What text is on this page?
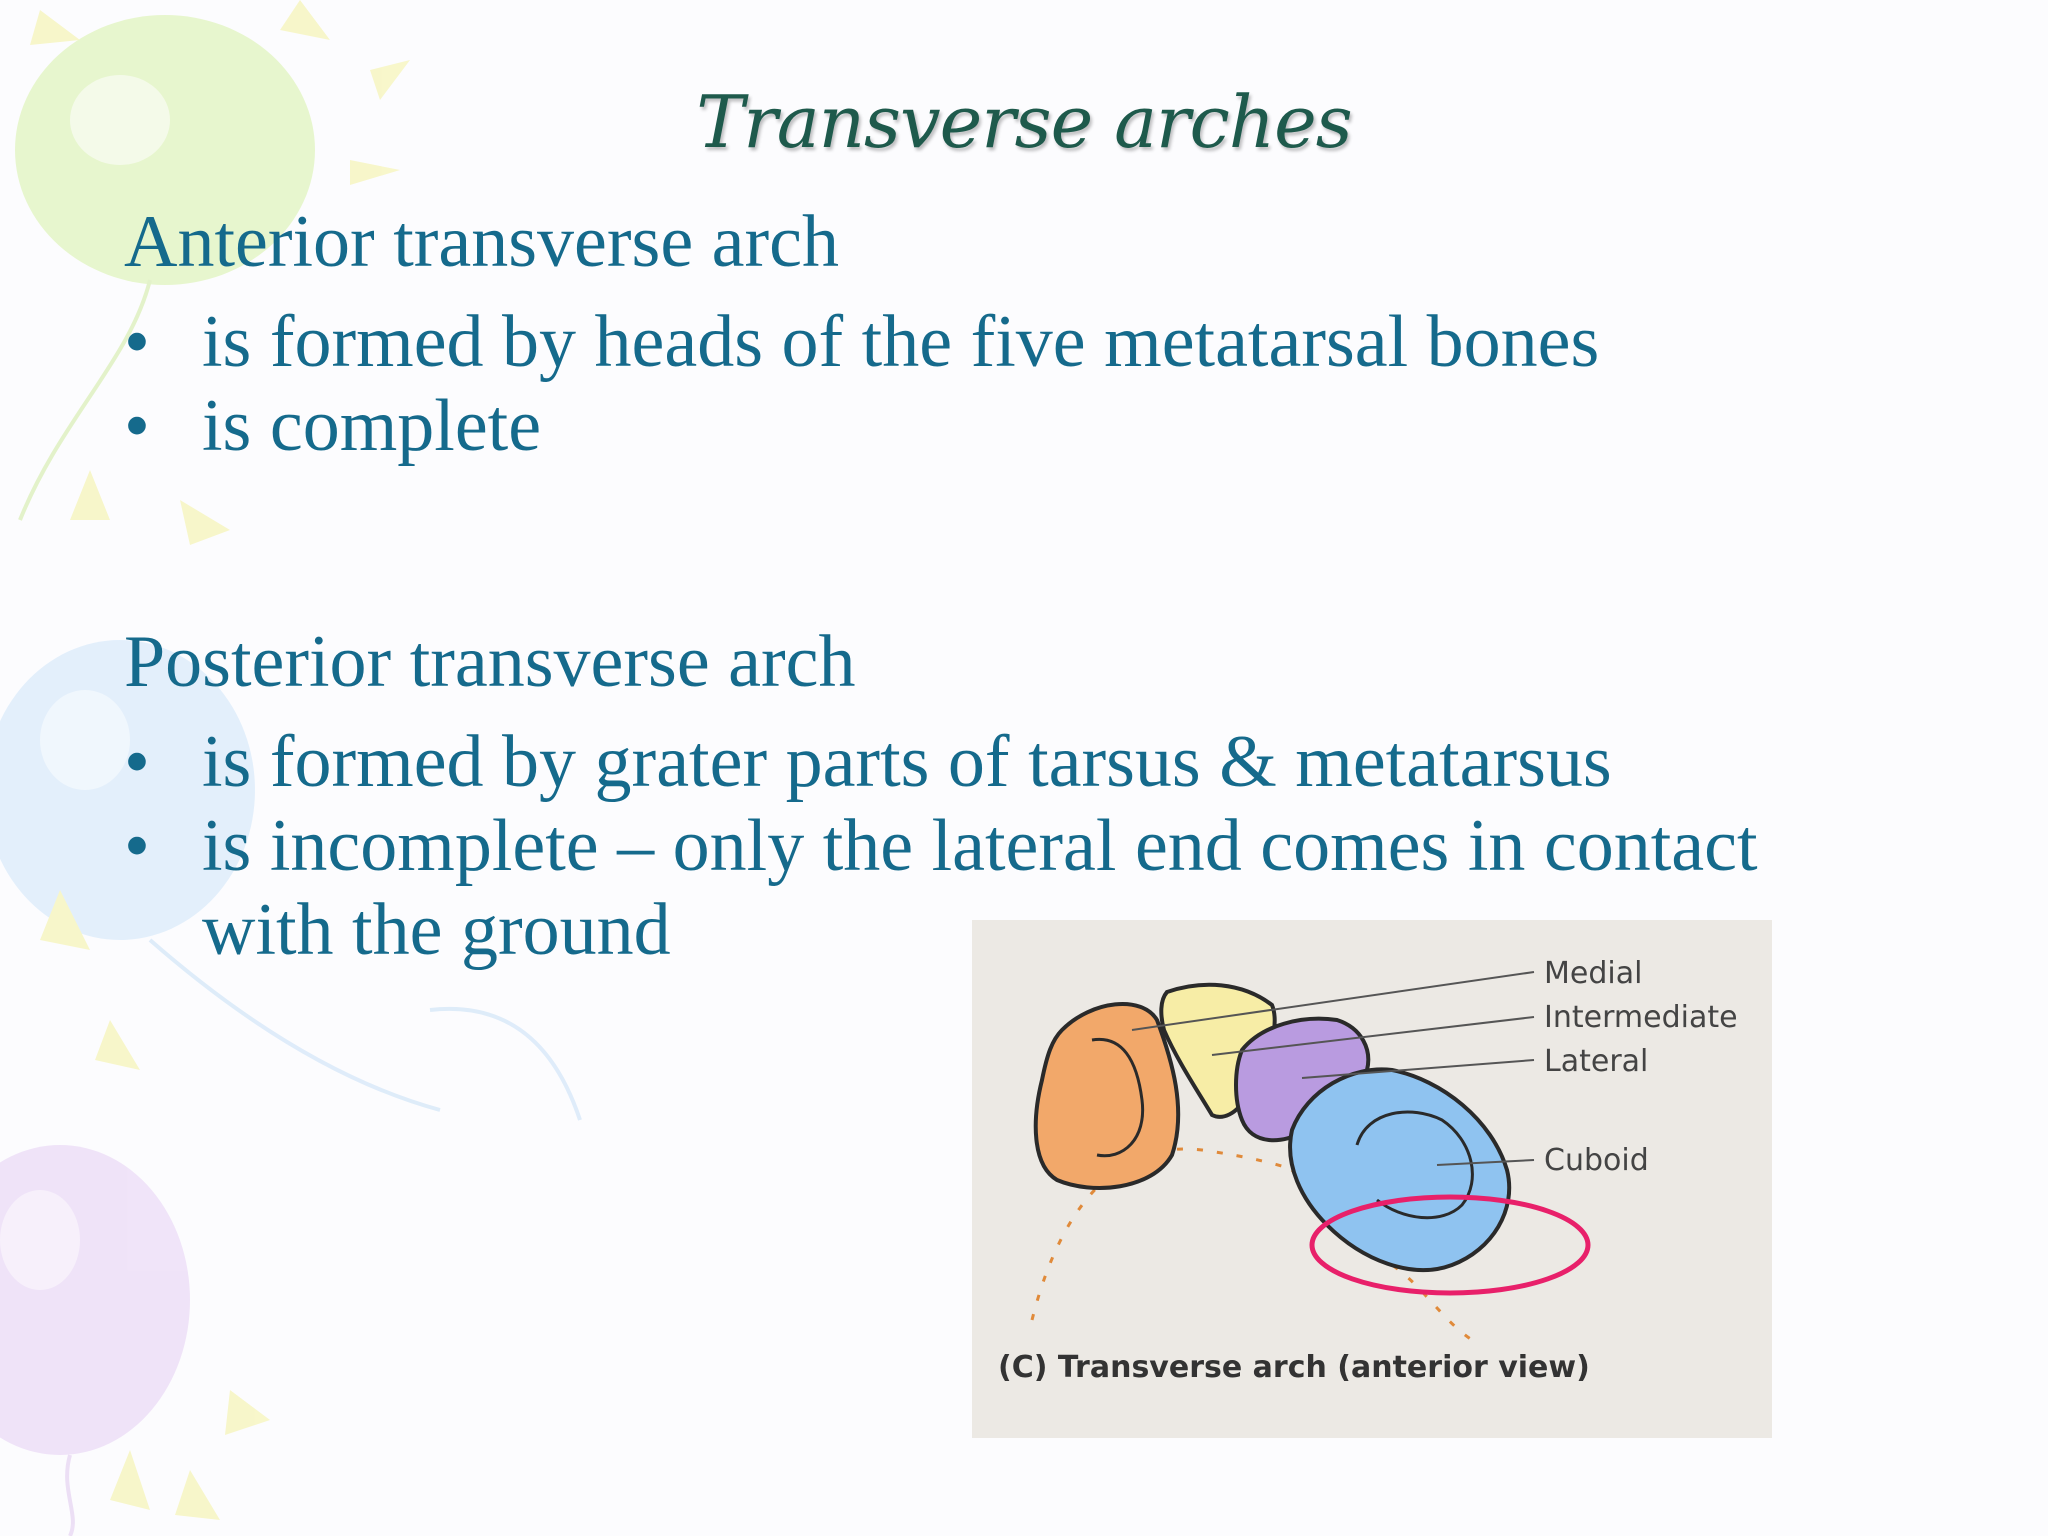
Transverse arches
Anterior transverse arch
• is formed by heads of the five metatarsal bones
• is complete
Posterior transverse arch
• is formed by grater parts of tarsus & metatarsus
• is incomplete – only the lateral end comes in contact
with the ground
Medial
Intermediate
Lateral
Cuboid
(C) Transverse arch (anterior view)
